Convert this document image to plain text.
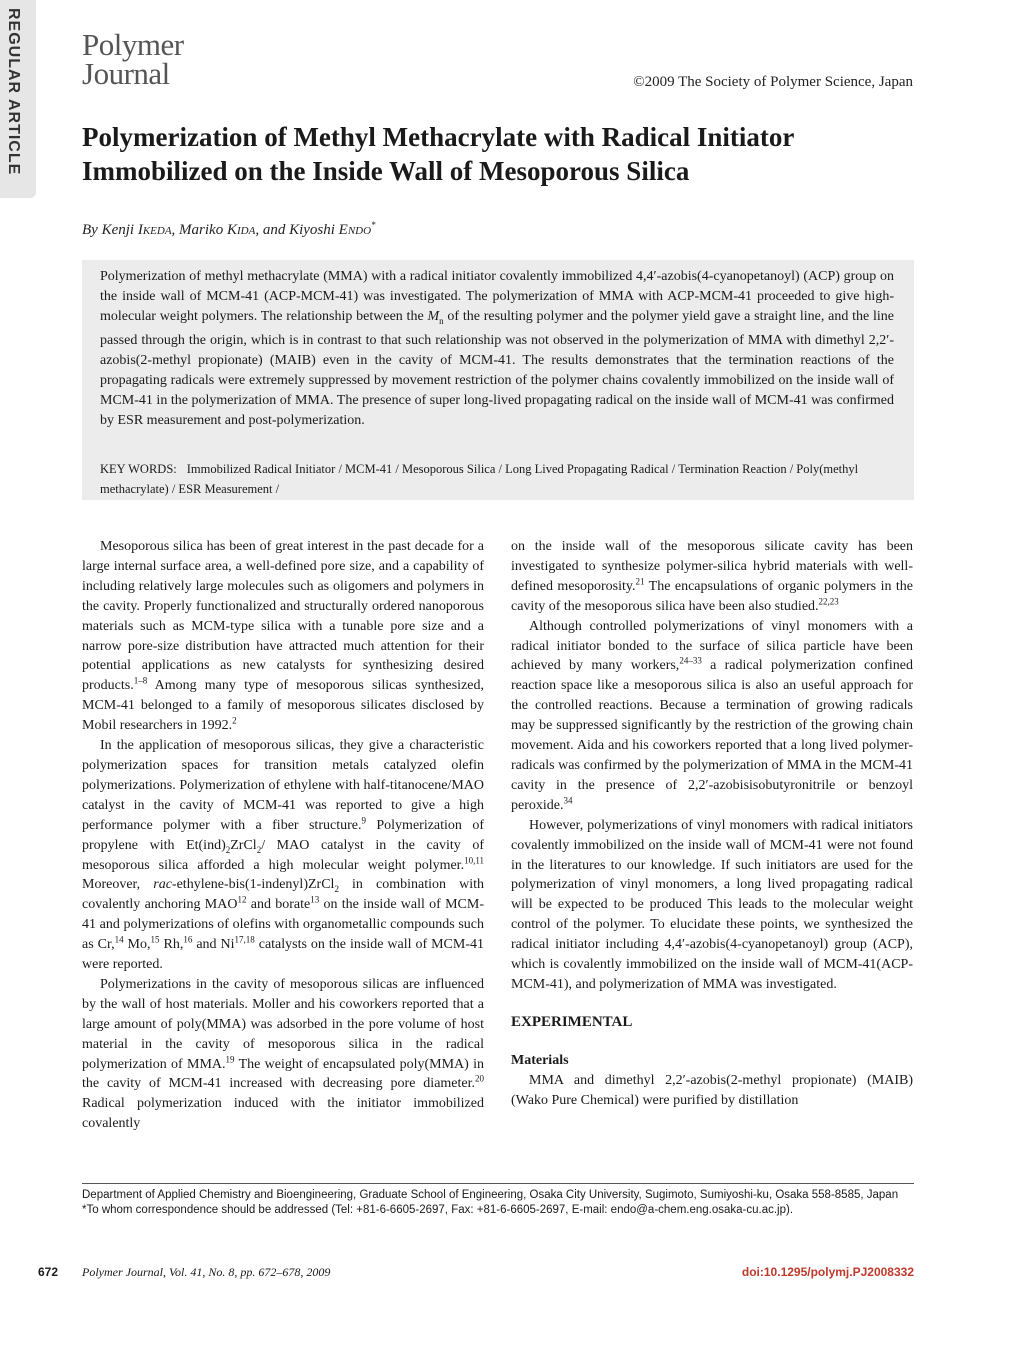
REGULAR ARTICLE Polymer
Journal	©2009 The Society of Polymer Science, Japan
Polymerization of Methyl Methacrylate with Radical Initiator
Immobilized on the Inside Wall of Mesoporous Silica
By Kenji Ikeda, Mariko Kida, and Kiyoshi Endo*
Polymerization of methyl methacrylate (MMA) with a radical initiator covalently immobilized 4,4′-azobis(4-cyanopetanoyl) (ACP) group on the inside wall of MCM-41 (ACP-MCM-41) was investigated. The polymerization of MMA with ACP-MCM-41 proceeded to give high-molecular weight polymers. The relationship between the $M_n$ of the resulting polymer and the polymer yield gave a straight line, and the line passed through the origin, which is in contrast to that such relationship was not observed in the polymerization of MMA with dimethyl 2,2′-azobis(2-methyl propionate) (MAIB) even in the cavity of MCM-41. The results demonstrates that the termination reactions of the propagating radicals were extremely suppressed by movement restriction of the polymer chains covalently immobilized on the inside wall of MCM-41 in the polymerization of MMA. The presence of super long-lived propagating radical on the inside wall of MCM-41 was confirmed by ESR measurement and post-polymerization.
KEY WORDS: Immobilized Radical Initiator / MCM-41 / Mesoporous Silica / Long Lived Propagating Radical / Termination Reaction / Poly(methyl methacrylate) / ESR Measurement /

Mesoporous silica has been of great interest in the past decade for a large internal surface area, a well-defined pore size, and a capability of including relatively large molecules such as oligomers and polymers in the cavity. Properly functionalized and structurally ordered nanoporous materials such as MCM-type silica with a tunable pore size and a narrow pore-size distribution have attracted much attention for their potential applications as new catalysts for synthesizing desired products.$^{1-8}$ Among many type of mesoporous silicas synthesized, MCM-41 belonged to a family of mesoporous silicates disclosed by Mobil researchers in 1992.$^2$

In the application of mesoporous silicas, they give a characteristic polymerization spaces for transition metals catalyzed olefin polymerizations. Polymerization of ethylene with half-titanocene/MAO catalyst in the cavity of MCM-41 was reported to give a high performance polymer with a fiber structure.$^9$ Polymerization of propylene with $Et(ind)_2ZrCl_2/$ MAO catalyst in the cavity of mesoporous silica afforded a high molecular weight polymer.$^{10,11}$ Moreover, rac-ethylene-bis(1-indenyl)ZrCl$_2$ in combination with covalently anchoring MAO$^{12}$ and borate$^{13}$ on the inside wall of MCM-41 and polymerizations of olefins with organometallic compounds such as Cr,$^{14}$ Mo,$^{15}$ Rh,$^{16}$ and Ni$^{17,18}$ catalysts on the inside wall of MCM-41 were reported.

Polymerizations in the cavity of mesoporous silicas are influenced by the wall of host materials. Moller and his coworkers reported that a large amount of poly(MMA) was adsorbed in the pore volume of host material in the cavity of mesoporous silica in the radical polymerization of MMA.$^{19}$ The weight of encapsulated poly(MMA) in the cavity of MCM-41 increased with decreasing pore diameter.$^{20}$ Radical polymerization induced with the initiator immobilized covalently

on the inside wall of the mesoporous silicate cavity has been investigated to synthesize polymer-silica hybrid materials with well-defined mesoporosity.$^{21}$ The encapsulations of organic polymers in the cavity of the mesoporous silica have been also studied.$^{22,23}$

Although controlled polymerizations of vinyl monomers with a radical initiator bonded to the surface of silica particle have been achieved by many workers,$^{24-33}$ a radical polymerization confined reaction space like a mesoporous silica is also an useful approach for the controlled reactions. Because a termination of growing radicals may be suppressed significantly by the restriction of the growing chain movement. Aida and his coworkers reported that a long lived polymer-radicals was confirmed by the polymerization of MMA in the MCM-41 cavity in the presence of 2,2′-azobisisobutyronitrile or benzoyl peroxide.$^{34}$

However, polymerizations of vinyl monomers with radical initiators covalently immobilized on the inside wall of MCM-41 were not found in the literatures to our knowledge. If such initiators are used for the polymerization of vinyl monomers, a long lived propagating radical will be expected to be produced This leads to the molecular weight control of the polymer. To elucidate these points, we synthesized the radical initiator including 4,4′-azobis(4-cyanopetanoyl) group (ACP), which is covalently immobilized on the inside wall of MCM-41(ACP-MCM-41), and polymerization of MMA was investigated.

EXPERIMENTAL
Materials

MMA and dimethyl 2,2′-azobis(2-methyl propionate) (MAIB) (Wako Pure Chemical) were purified by distillation

Department of Applied Chemistry and Bioengineering, Graduate School of Engineering, Osaka City University, Sugimoto, Sumiyoshi-ku, Osaka 558-8585, Japan
*To whom correspondence should be addressed (Tel: +81-6-6605-2697, Fax: +81-6-6605-2697, E-mail: endo@a-chem.eng.osaka-cu.ac.jp).
672 Polymer Journal, Vol. 41, No. 8, pp. 672–678, 2009	doi:10.1295/polymj.PJ2008332
